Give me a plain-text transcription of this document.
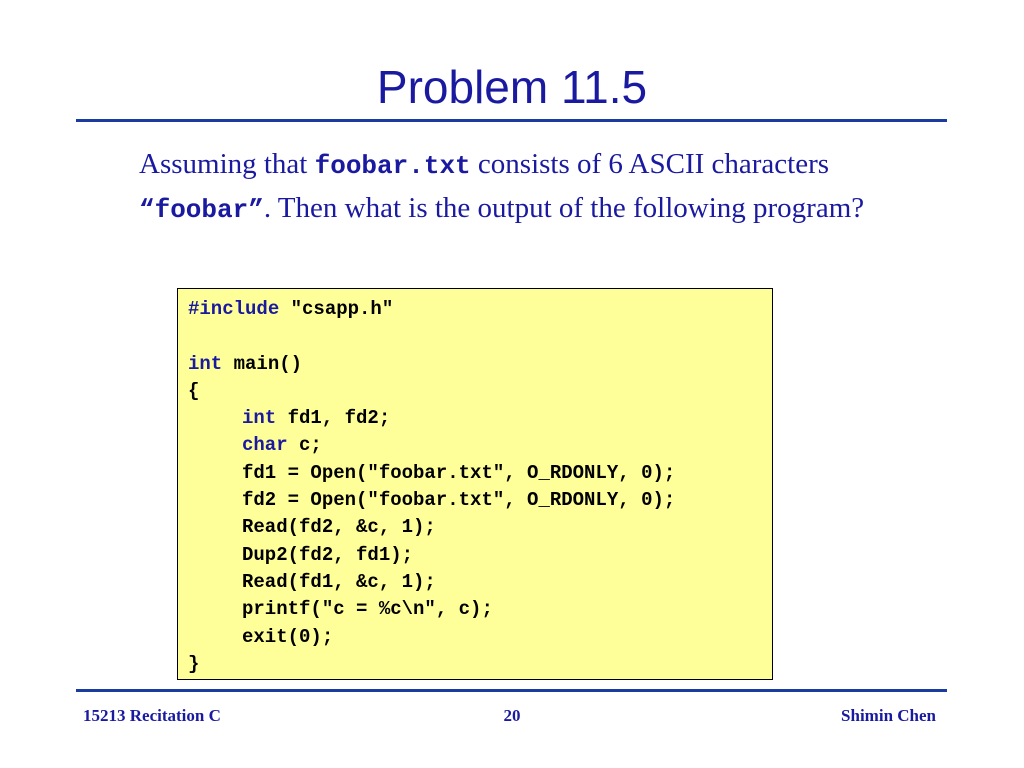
Problem 11.5
Assuming that foobar.txt consists of 6 ASCII characters “foobar”. Then what is the output of the following program?
#include "csapp.h"
int main()
{
int fd1, fd2;
char c;
fd1 = Open("foobar.txt", O_RDONLY, 0);
fd2 = Open("foobar.txt", O_RDONLY, 0);
Read(fd2, &c, 1);
Dup2(fd2, fd1);
Read(fd1, &c, 1);
printf("c = %c\n", c);
exit(0);
}
15213 Recitation C	20	Shimin Chen
